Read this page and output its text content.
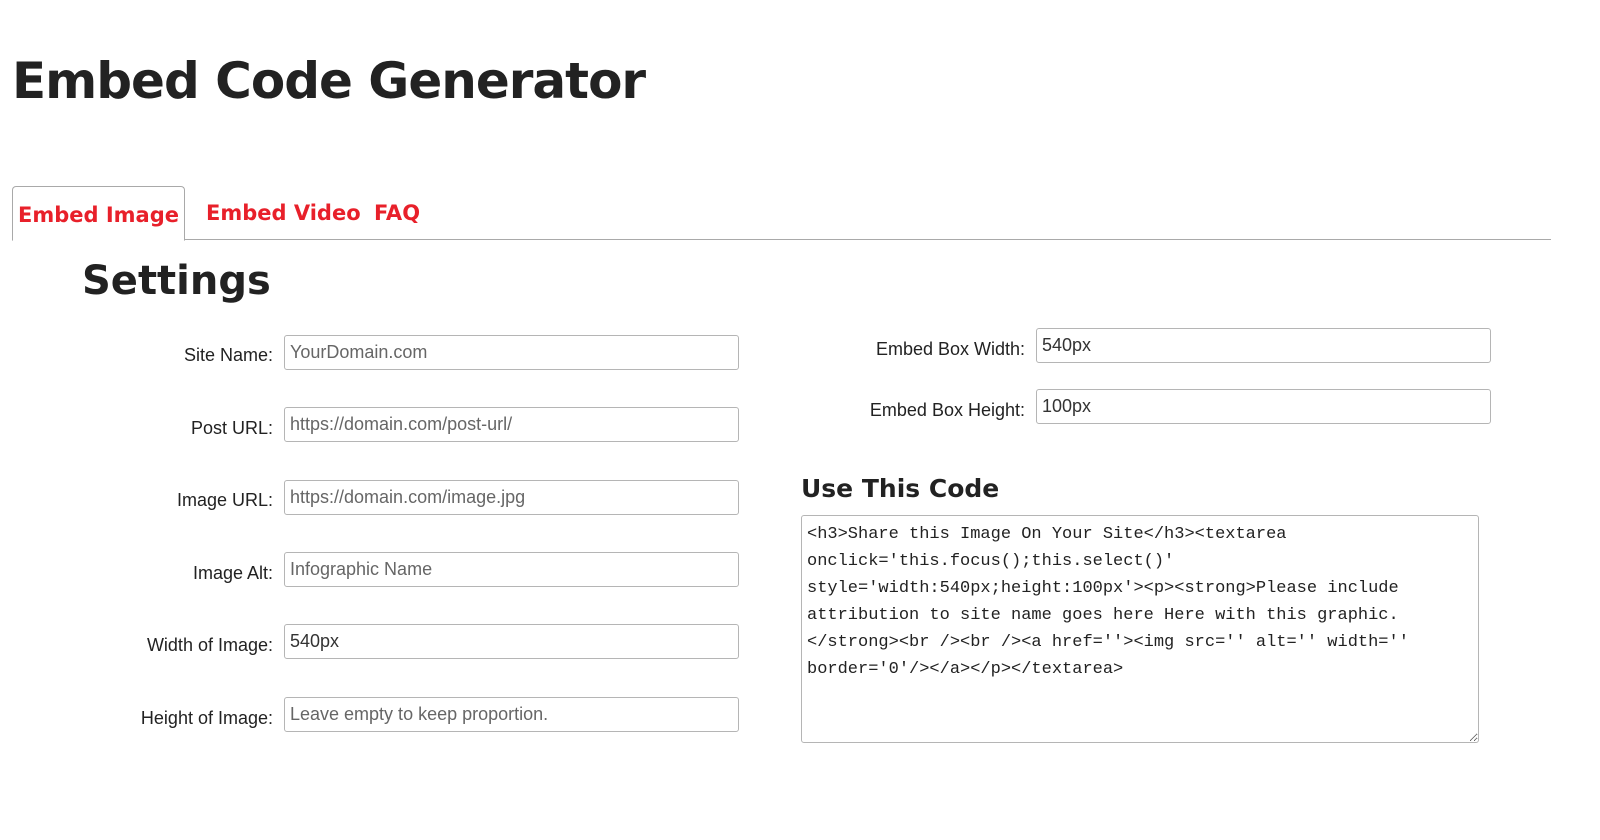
Embed Code Generator
Embed Image Embed Video FAQ
Settings
Site Name:
YourDomain.com
Post URL:
https://domain.com/post-url/
Image URL:
https://domain.com/image.jpg
Image Alt:
Infographic Name
Width of Image:
540px
Height of Image:
Leave empty to keep proportion.
Embed Box Width:
540px
Embed Box Height:
100px
Use This Code
<h3>Share this Image On Your Site</h3><textarea onclick='this.focus();this.select()' style='width:540px;height:100px'><p><strong>Please include attribution to site name goes here Here with this graphic.</strong><br /><br /><a href=''><img src='' alt='' width='' border='0'/></a></p></textarea>
